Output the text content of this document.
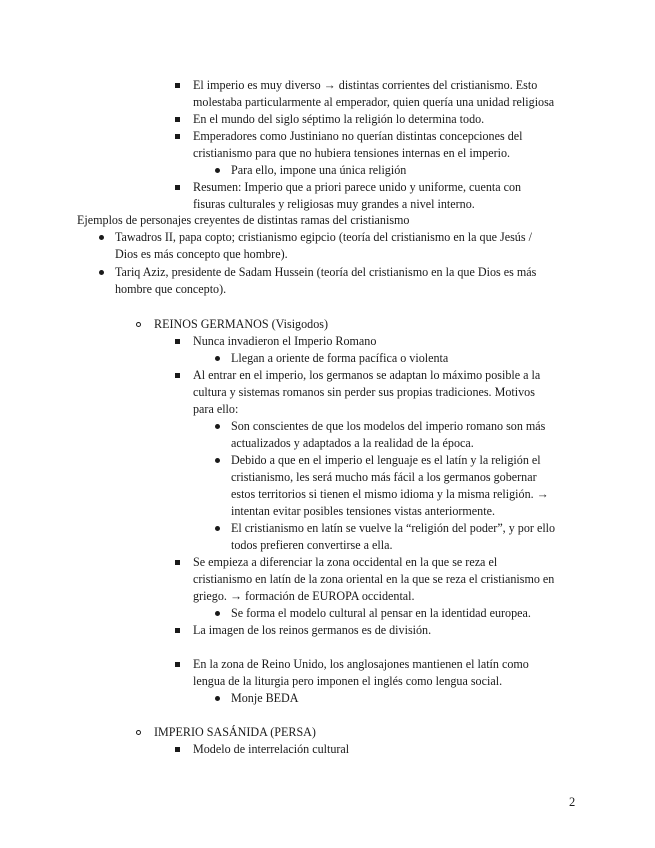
El imperio es muy diverso → distintas corrientes del cristianismo. Esto
molestaba particularmente al emperador, quien quería una unidad religiosa
En el mundo del siglo séptimo la religión lo determina todo.
Emperadores como Justiniano no querían distintas concepciones del
cristianismo para que no hubiera tensiones internas en el imperio.
Para ello, impone una única religión
Resumen: Imperio que a priori parece unido y uniforme, cuenta con
fisuras culturales y religiosas muy grandes a nivel interno.
Ejemplos de personajes creyentes de distintas ramas del cristianismo
Tawadros II, papa copto; cristianismo egipcio (teoría del cristianismo en la que Jesús /
Dios es más concepto que hombre).
Tariq Aziz, presidente de Sadam Hussein (teoría del cristianismo en la que Dios es más
hombre que concepto).
REINOS GERMANOS (Visigodos)
Nunca invadieron el Imperio Romano
Llegan a oriente de forma pacífica o violenta
Al entrar en el imperio, los germanos se adaptan lo máximo posible a la
cultura y sistemas romanos sin perder sus propias tradiciones. Motivos
para ello:
Son conscientes de que los modelos del imperio romano son más
actualizados y adaptados a la realidad de la época.
Debido a que en el imperio el lenguaje es el latín y la religión el
cristianismo, les será mucho más fácil a los germanos gobernar
estos territorios si tienen el mismo idioma y la misma religión. →
intentan evitar posibles tensiones vistas anteriormente.
El cristianismo en latín se vuelve la “religión del poder”, y por ello
todos prefieren convertirse a ella.
Se empieza a diferenciar la zona occidental en la que se reza el
cristianismo en latín de la zona oriental en la que se reza el cristianismo en
griego. → formación de EUROPA occidental.
Se forma el modelo cultural al pensar en la identidad europea.
La imagen de los reinos germanos es de división.
En la zona de Reino Unido, los anglosajones mantienen el latín como
lengua de la liturgia pero imponen el inglés como lengua social.
Monje BEDA
IMPERIO SASÁNIDA (PERSA)
Modelo de interrelación cultural
2
